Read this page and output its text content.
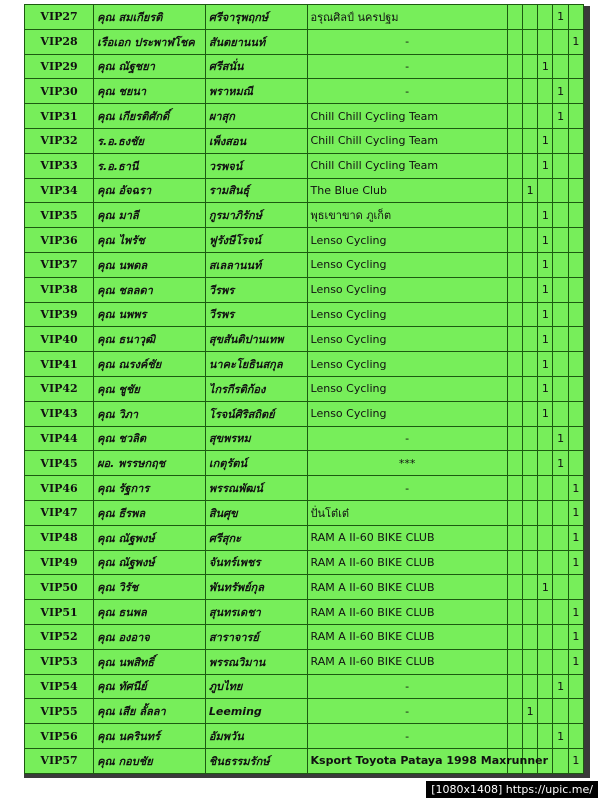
VIP27	คุณ สมเกียรติ	ศรีจารุพฤกษ์	อรุณศิลป์ นครปฐม				1	
VIP28	เรือเอก ประพาฬโชค	สันตยานนท์	-					1
VIP29	คุณ ณัฐชยา	ศรีสนั่น	-			1		
VIP30	คุณ ชยนา	พราหมณี	-				1	
VIP31	คุณ เกียรติศักดิ์	ผาสุก	Chill Chill Cycling Team				1	
VIP32	ร.อ.ธงชัย	เพ็งสอน	Chill Chill Cycling Team			1		
VIP33	ร.อ.ธานี	วรพจน์	Chill Chill Cycling Team			1		
VIP34	คุณ อัจฉรา	รามสินธุ์	The Blue Club		1			
VIP35	คุณ มาลี	กูรมาภิรักษ์	พุธเขาขาด ภูเก็ต			1		
VIP36	คุณ ไพรัช	ฟูรังษีโรจน์	Lenso Cycling			1		
VIP37	คุณ นพดล	สเลลานนท์	Lenso Cycling			1		
VIP38	คุณ ชลลดา	วีรพร	Lenso Cycling			1		
VIP39	คุณ นพพร	วีรพร	Lenso Cycling			1		
VIP40	คุณ ธนาวุฒิ	สุขสันติปานเทพ	Lenso Cycling			1		
VIP41	คุณ ณรงค์ชัย	นาคะโยธินสกุล	Lenso Cycling			1		
VIP42	คุณ ชูชัย	ไกรกีรติก้อง	Lenso Cycling			1		
VIP43	คุณ วิภา	โรจน์ศิริสถิตย์	Lenso Cycling			1		
VIP44	คุณ ชวลิต	สุขพรหม	-				1	
VIP45	ผอ. พรรษกฤช	เกตุรัตน์	***				1	
VIP46	คุณ รัฐการ	พรรณพัฒน์	-					1
VIP47	คุณ ธีรพล	สินศุข	ปั่นโต๋เต๋					1
VIP48	คุณ ณัฐพงษ์	ศรีสุกะ	RAM A II-60 BIKE CLUB					1
VIP49	คุณ ณัฐพงษ์	จันทร์เพชร	RAM A II-60 BIKE CLUB					1
VIP50	คุณ วิรัช	พันทรัพย์กุล	RAM A II-60 BIKE CLUB			1		
VIP51	คุณ ธนพล	สุนทรเดชา	RAM A II-60 BIKE CLUB					1
VIP52	คุณ องอาจ	สาราจารย์	RAM A II-60 BIKE CLUB					1
VIP53	คุณ นพสิทธิ์	พรรณวิมาน	RAM A II-60 BIKE CLUB					1
VIP54	คุณ ทัศนีย์	ภูบไทย	-				1	
VIP55	คุณ เสีย ลั้ลลา	Leeming	-		1			
VIP56	คุณ นครินทร์	อัมพวัน	-				1	
VIP57	คุณ กอบชัย	ชินธรรมรักษ์	Ksport Toyota Pataya 1998 Maxrunner					1
[1080x1408] https://upic.me/
